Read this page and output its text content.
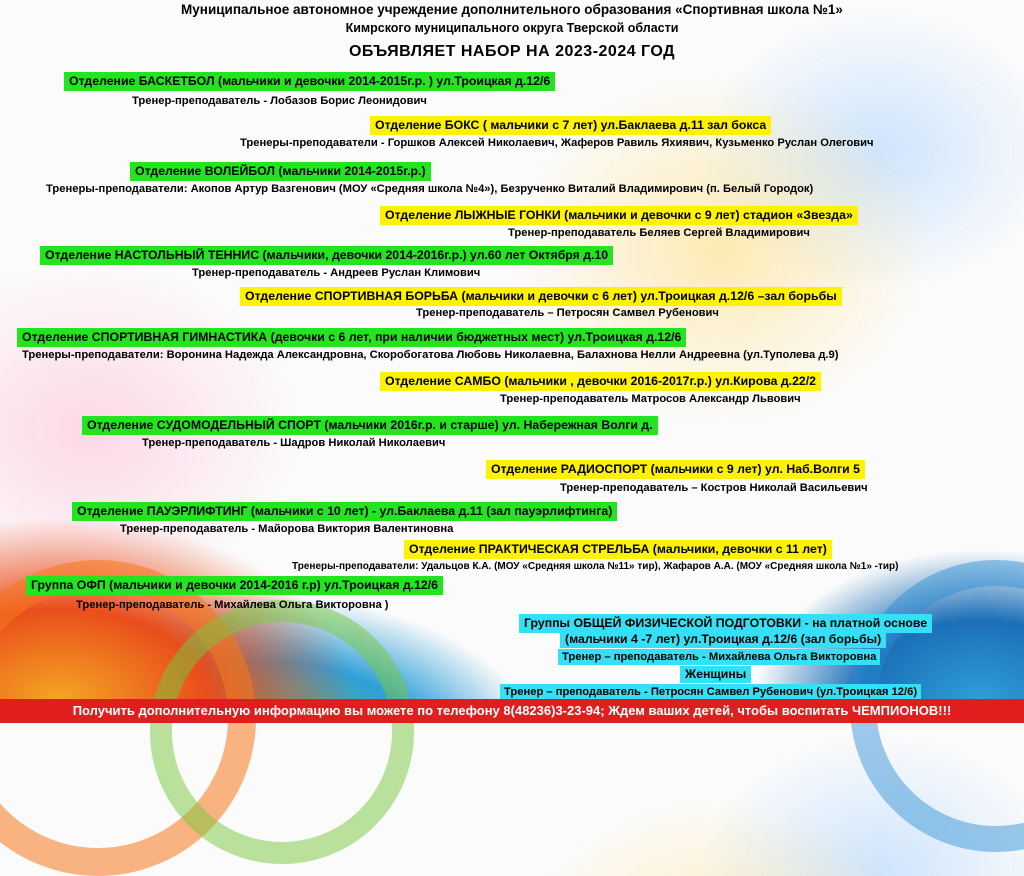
Муниципальное автономное учреждение дополнительного образования «Спортивная школа №1»
Кимрского муниципального округа Тверской области
ОБЪЯВЛЯЕТ НАБОР НА 2023-2024 ГОД
Отделение БАСКЕТБОЛ (мальчики и девочки 2014-2015г.р. ) ул.Троицкая д.12/6
Тренер-преподаватель - Лобазов Борис Леонидович
Отделение БОКС ( мальчики с 7 лет) ул.Баклаева д.11 зал бокса
Тренеры-преподаватели - Горшков Алексей Николаевич, Жаферов Равиль Яхиявич, Кузьменко Руслан Олегович
Отделение ВОЛЕЙБОЛ (мальчики 2014-2015г.р.)
Тренеры-преподаватели: Акопов Артур Вазгенович (МОУ «Средняя школа №4»), Безрученко Виталий Владимирович (п. Белый Городок)
Отделение ЛЫЖНЫЕ ГОНКИ (мальчики и девочки с 9 лет) стадион «Звезда»
Тренер-преподаватель Беляев Сергей Владимирович
Отделение НАСТОЛЬНЫЙ ТЕННИС (мальчики, девочки 2014-2016г.р.) ул.60 лет Октября д.10
Тренер-преподаватель - Андреев Руслан Климович
Отделение СПОРТИВНАЯ БОРЬБА (мальчики и девочки с 6 лет) ул.Троицкая д.12/6 –зал борьбы
Тренер-преподаватель – Петросян Самвел Рубенович
Отделение СПОРТИВНАЯ ГИМНАСТИКА (девочки с 6 лет, при наличии бюджетных мест) ул.Троицкая д.12/6
Тренеры-преподаватели: Воронина Надежда Александровна, Скоробогатова Любовь Николаевна, Балахнова Нелли Андреевна (ул.Туполева д.9)
Отделение САМБО (мальчики , девочки 2016-2017г.р.) ул.Кирова д.22/2
Тренер-преподаватель Матросов Александр Львович
Отделение СУДОМОДЕЛЬНЫЙ СПОРТ (мальчики 2016г.р. и старше) ул. Набережная Волги д.
Тренер-преподаватель - Шадров Николай Николаевич
Отделение РАДИОСПОРТ (мальчики с 9 лет) ул. Наб.Волги 5
Тренер-преподаватель – Костров Николай Васильевич
Отделение ПАУЭРЛИФТИНГ (мальчики с 10 лет) - ул.Баклаева д.11 (зал пауэрлифтинга)
Тренер-преподаватель - Майорова Виктория Валентиновна
Отделение ПРАКТИЧЕСКАЯ СТРЕЛЬБА (мальчики, девочки с 11 лет)
Тренеры-преподаватели: Удальцов К.А. (МОУ «Средняя школа №11» тир), Жафаров А.А. (МОУ «Средняя школа №1» -тир)
Группа ОФП (мальчики и девочки 2014-2016 г.р) ул.Троицкая д.12/6
Тренер-преподаватель - Михайлева Ольга Викторовна )
Группы ОБЩЕЙ ФИЗИЧЕСКОЙ ПОДГОТОВКИ - на платной основе
(мальчики 4 -7 лет) ул.Троицкая д.12/6 (зал борьбы)
Тренер – преподаватель - Михайлева Ольга Викторовна
Женщины
Тренер – преподаватель - Петросян Самвел Рубенович (ул.Троицкая 12/6)
Получить дополнительную информацию вы можете по телефону 8(48236)3-23-94; Ждем ваших детей, чтобы воспитать ЧЕМПИОНОВ!!!
